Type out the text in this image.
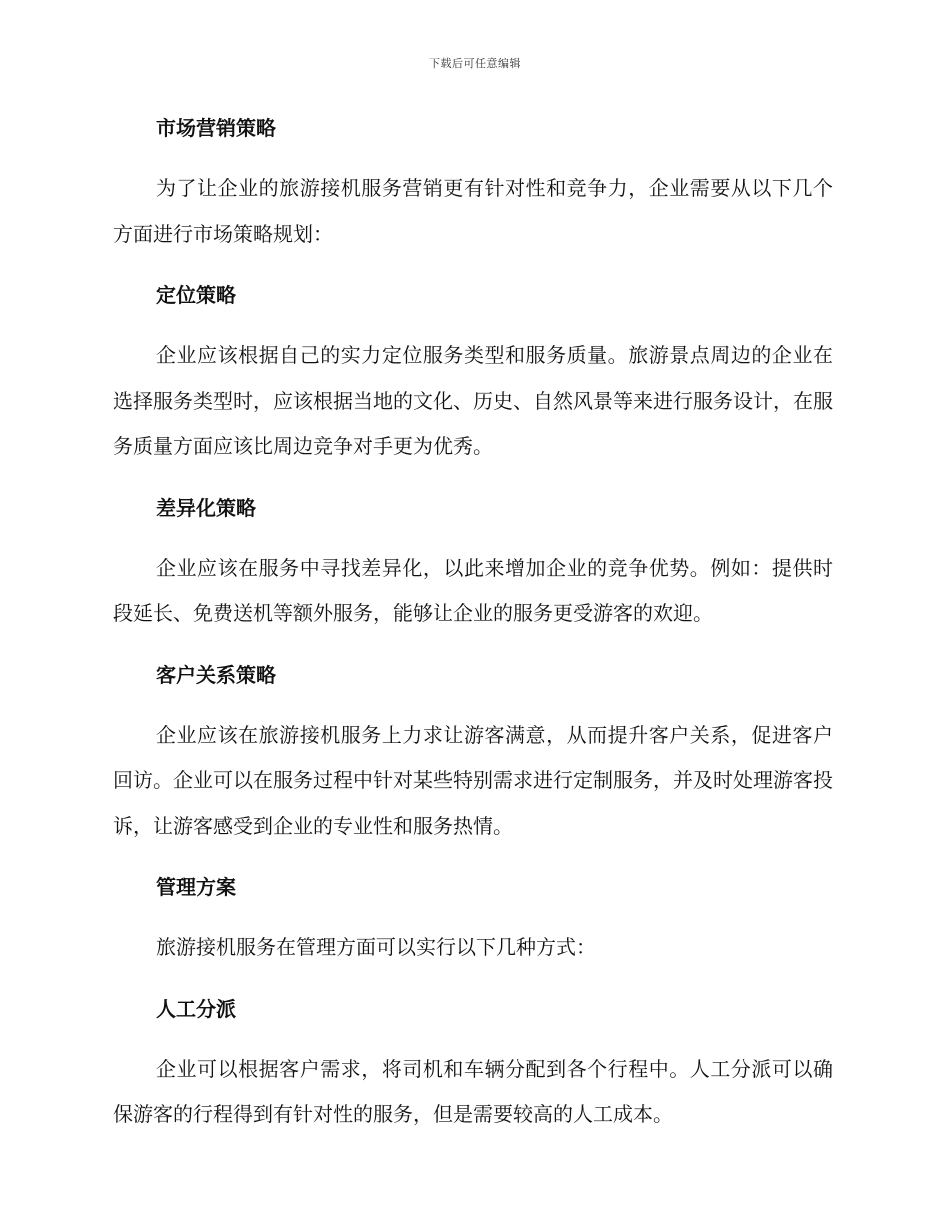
下载后可任意编辑
市场营销策略

为了让企业的旅游接机服务营销更有针对性和竞争力，企业需要从以下几个方面进行市场策略规划：

定位策略

企业应该根据自己的实力定位服务类型和服务质量。旅游景点周边的企业在选择服务类型时，应该根据当地的文化、历史、自然风景等来进行服务设计，在服务质量方面应该比周边竞争对手更为优秀。

差异化策略

企业应该在服务中寻找差异化，以此来增加企业的竞争优势。例如：提供时段延长、免费送机等额外服务，能够让企业的服务更受游客的欢迎。

客户关系策略

企业应该在旅游接机服务上力求让游客满意，从而提升客户关系，促进客户回访。企业可以在服务过程中针对某些特别需求进行定制服务，并及时处理游客投诉，让游客感受到企业的专业性和服务热情。

管理方案

旅游接机服务在管理方面可以实行以下几种方式：

人工分派

企业可以根据客户需求，将司机和车辆分配到各个行程中。人工分派可以确保游客的行程得到有针对性的服务，但是需要较高的人工成本。
